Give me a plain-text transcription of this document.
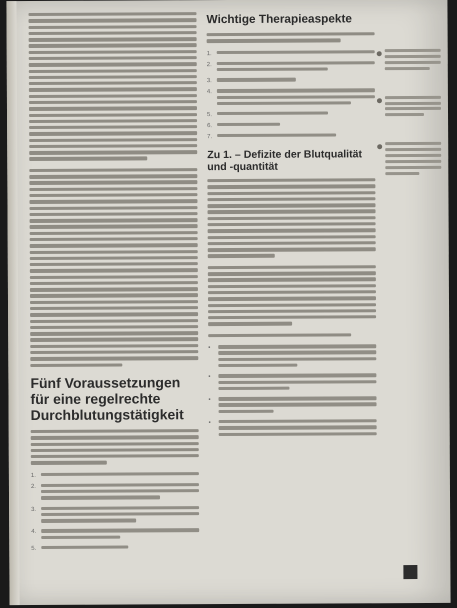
Fünf Voraussetzungen für eine regelrechte Durchblutungstätigkeit
1.
2.
3.
4.
5.
Wichtige Therapieaspekte
1.
2.
3.
4.
5.
6.
7.
Zu 1. – Defizite der Blutqualität und -quantität
•
•
•
•
